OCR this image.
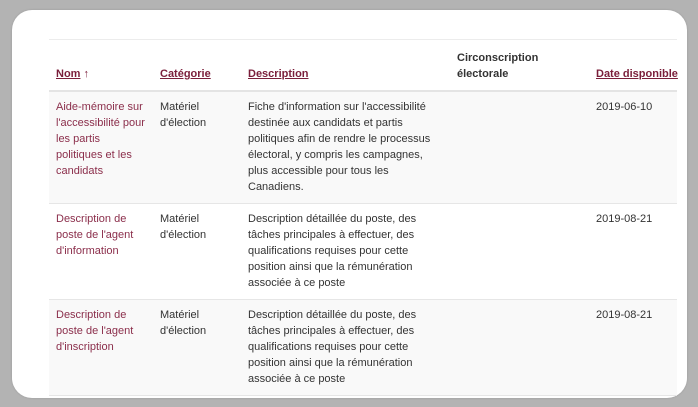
Nom ↑	Catégorie	Description	Circonscription électorale	Date disponible
Aide-mémoire sur l'accessibilité pour les partis politiques et les candidats	Matériel d'élection	Fiche d'information sur l'accessibilité destinée aux candidats et partis politiques afin de rendre le processus électoral, y compris les campagnes, plus accessible pour tous les Canadiens.		2019-06-10
Description de poste de l'agent d'information	Matériel d'élection	Description détaillée du poste, des tâches principales à effectuer, des qualifications requises pour cette position ainsi que la rémunération associée à ce poste		2019-08-21
Description de poste de l'agent d'inscription	Matériel d'élection	Description détaillée du poste, des tâches principales à effectuer, des qualifications requises pour cette position ainsi que la rémunération associée à ce poste		2019-08-21
